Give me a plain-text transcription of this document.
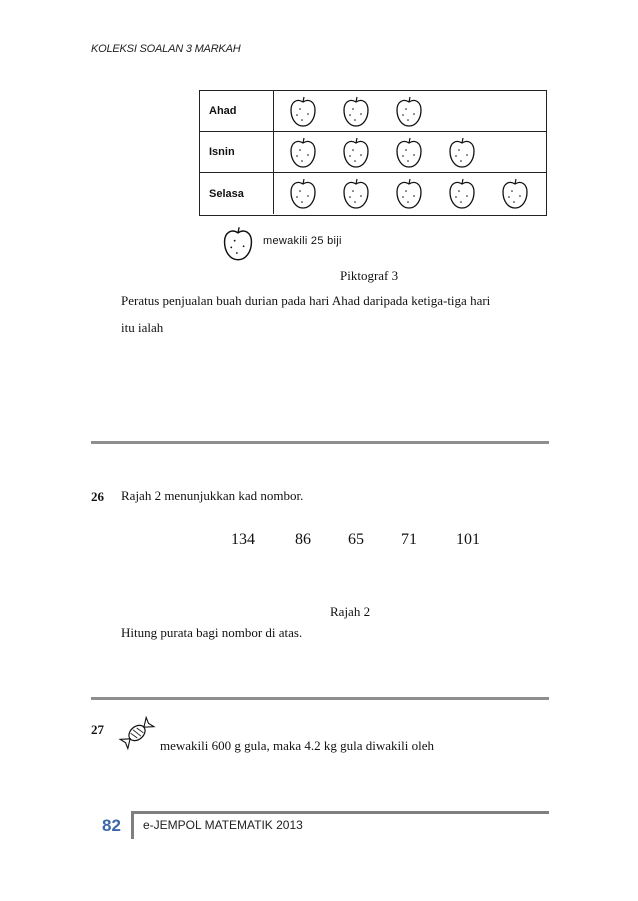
KOLEKSI SOALAN 3 MARKAH
Ahad
Isnin
Selasa
mewakili 25 biji
Piktograf 3
Peratus penjualan buah durian pada hari Ahad daripada ketiga-tiga hari
itu ialah
26 Rajah 2 menunjukkan kad nombor.
134	86 65 71 101
Rajah 2
Hitung purata bagi nombor di atas.
27
mewakili 600 g gula, maka 4.2 kg gula diwakili oleh
82 e-JEMPOL MATEMATIK 2013
